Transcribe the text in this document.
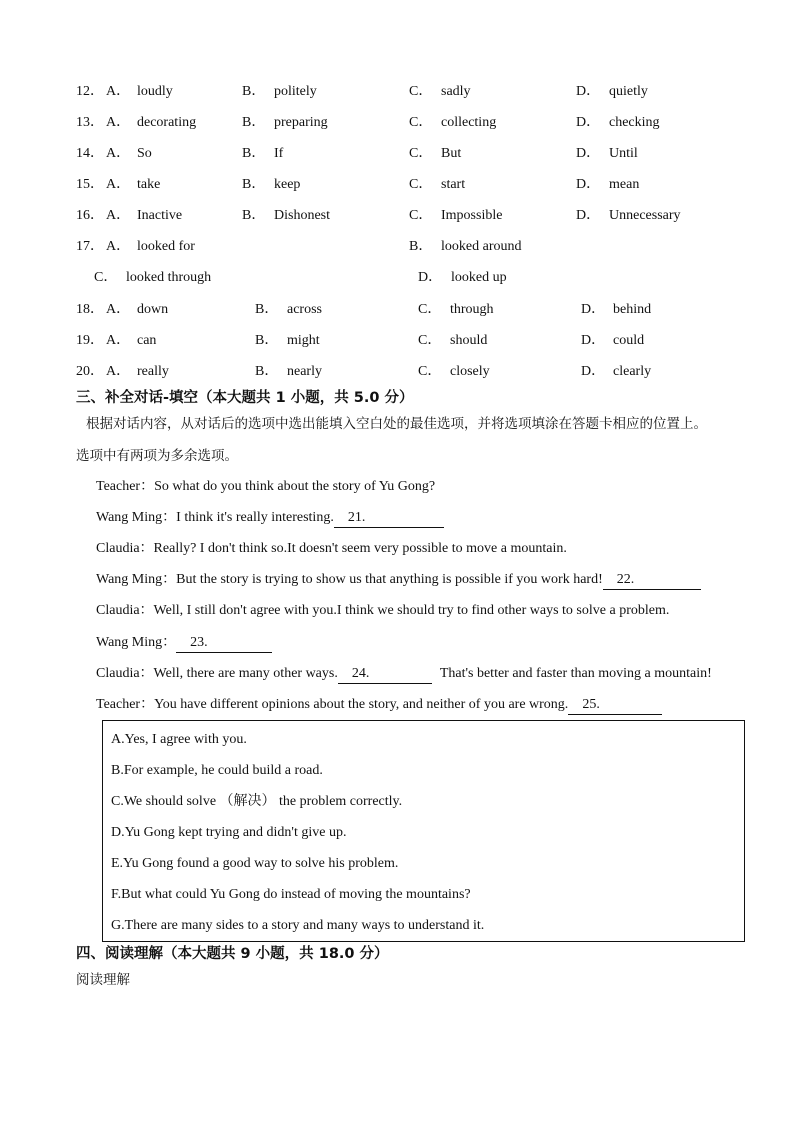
12． A． loudly	B． politely	C． sadly	D． quietly
13． A． decorating	B． preparing	C． collecting	D． checking
14． A． So	B． If	C． But	D． Until
15． A． take	B． keep	C． start	D． mean
16． A． Inactive	B． Dishonest	C． Impossible	D． Unnecessary
17． A． looked for	B． looked around
C． looked through	D． looked up
18． A． down	B． across	C． through	D． behind
19． A． can	B． might	C． should	D． could
20． A． really	B． nearly	C． closely	D． clearly
三、补全对话-填空（本大题共 1 小题，共 5.0 分）
根据对话内容，从对话后的选项中选出能填入空白处的最佳选项，并将选项填涂在答题卡相应的位置上。
选项中有两项为多余选项。
Teacher：So what do you think about the story of Yu Gong?
Wang Ming：I think it's really interesting. 21.
Claudia：Really? I don't think so.It doesn't seem very possible to move a mountain.
Wang Ming：But the story is trying to show us that anything is possible if you work hard! 22.
Claudia：Well, I still don't agree with you.I think we should try to find other ways to solve a problem.
Wang Ming： 23.
Claudia：Well, there are many other ways. 24.	That's better and faster than moving a mountain!
Teacher：You have different opinions about the story, and neither of you are wrong. 25.
A.Yes, I agree with you.
B.For example, he could build a road.
C.We should solve （解决） the problem correctly.
D.Yu Gong kept trying and didn't give up.
E.Yu Gong found a good way to solve his problem.
F.But what could Yu Gong do instead of moving the mountains?
G.There are many sides to a story and many ways to understand it.
四、阅读理解（本大题共 9 小题，共 18.0 分）
阅读理解
